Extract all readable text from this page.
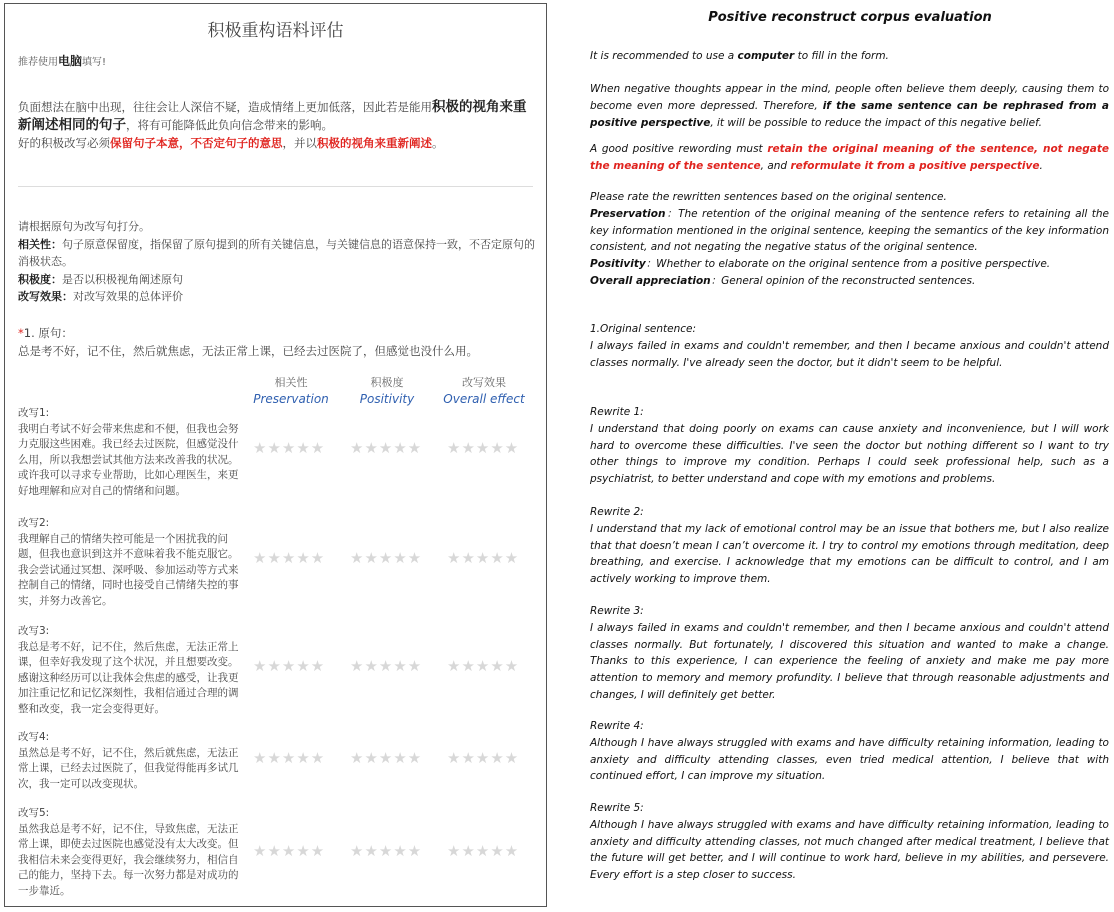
积极重构语料评估
推荐使用电脑填写!
负面想法在脑中出现，往往会让人深信不疑，造成情绪上更加低落，因此若是能用积极的视角来重新阐述相同的句子，将有可能降低此负向信念带来的影响。
好的积极改写必须保留句子本意，不否定句子的意思，并以积极的视角来重新阐述。
请根据原句为改写句打分。
相关性：句子原意保留度，指保留了原句提到的所有关键信息，与关键信息的语意保持一致，不否定原句的消极状态。
积极度：是否以积极视角阐述原句
改写效果：对改写效果的总体评价
*1. 原句：
总是考不好，记不住，然后就焦虑，无法正常上课，已经去过医院了，但感觉也没什么用。
相关性
Preservation
积极度
Positivity
改写效果
Overall effect
改写1:
我明白考试不好会带来焦虑和不便，但我也会努力克服这些困难。我已经去过医院，但感觉没什么用，所以我想尝试其他方法来改善我的状况。或许我可以寻求专业帮助，比如心理医生，来更好地理解和应对自己的情绪和问题。
★★★★★ ★★★★★ ★★★★★
改写2:
我理解自己的情绪失控可能是一个困扰我的问题，但我也意识到这并不意味着我不能克服它。我会尝试通过冥想、深呼吸、参加运动等方式来控制自己的情绪，同时也接受自己情绪失控的事实，并努力改善它。
★★★★★ ★★★★★ ★★★★★
改写3:
我总是考不好，记不住，然后焦虑，无法正常上课，但幸好我发现了这个状况，并且想要改变。感谢这种经历可以让我体会焦虑的感受，让我更加注重记忆和记忆深刻性，我相信通过合理的调整和改变，我一定会变得更好。
★★★★★ ★★★★★ ★★★★★
改写4:
虽然总是考不好，记不住，然后就焦虑，无法正常上课，已经去过医院了，但我觉得能再多试几次，我一定可以改变现状。
★★★★★ ★★★★★ ★★★★★
改写5:
虽然我总是考不好，记不住，导致焦虑，无法正常上课，即使去过医院也感觉没有太大改变。但我相信未来会变得更好，我会继续努力，相信自己的能力，坚持下去。每一次努力都是对成功的一步靠近。
★★★★★ ★★★★★ ★★★★★
Positive reconstruct corpus evaluation
It is recommended to use a computer to fill in the form.
When negative thoughts appear in the mind, people often believe them deeply, causing them to become even more depressed. Therefore, if the same sentence can be rephrased from a positive perspective, it will be possible to reduce the impact of this negative belief.
A good positive rewording must retain the original meaning of the sentence, not negate the meaning of the sentence, and reformulate it from a positive perspective.
Please rate the rewritten sentences based on the original sentence.
Preservation：The retention of the original meaning of the sentence refers to retaining all the key information mentioned in the original sentence, keeping the semantics of the key information consistent, and not negating the negative status of the original sentence.
Positivity：Whether to elaborate on the original sentence from a positive perspective.
Overall appreciation：General opinion of the reconstructed sentences.
1.Original sentence:
I always failed in exams and couldn't remember, and then I became anxious and couldn't attend classes normally. I've already seen the doctor, but it didn't seem to be helpful.
Rewrite 1:
I understand that doing poorly on exams can cause anxiety and inconvenience, but I will work hard to overcome these difficulties. I've seen the doctor but nothing different so I want to try other things to improve my condition. Perhaps I could seek professional help, such as a psychiatrist, to better understand and cope with my emotions and problems.
Rewrite 2:
I understand that my lack of emotional control may be an issue that bothers me, but I also realize that that doesn’t mean I can’t overcome it. I try to control my emotions through meditation, deep breathing, and exercise. I acknowledge that my emotions can be difficult to control, and I am actively working to improve them.
Rewrite 3:
I always failed in exams and couldn't remember, and then I became anxious and couldn't attend classes normally. But fortunately, I discovered this situation and wanted to make a change. Thanks to this experience, I can experience the feeling of anxiety and make me pay more attention to memory and memory profundity. I believe that through reasonable adjustments and changes, I will definitely get better.
Rewrite 4:
Although I have always struggled with exams and have difficulty retaining information, leading to anxiety and difficulty attending classes, even tried medical attention, I believe that with continued effort, I can improve my situation.
Rewrite 5:
Although I have always struggled with exams and have difficulty retaining information, leading to anxiety and difficulty attending classes, not much changed after medical treatment, I believe that the future will get better, and I will continue to work hard, believe in my abilities, and persevere. Every effort is a step closer to success.
